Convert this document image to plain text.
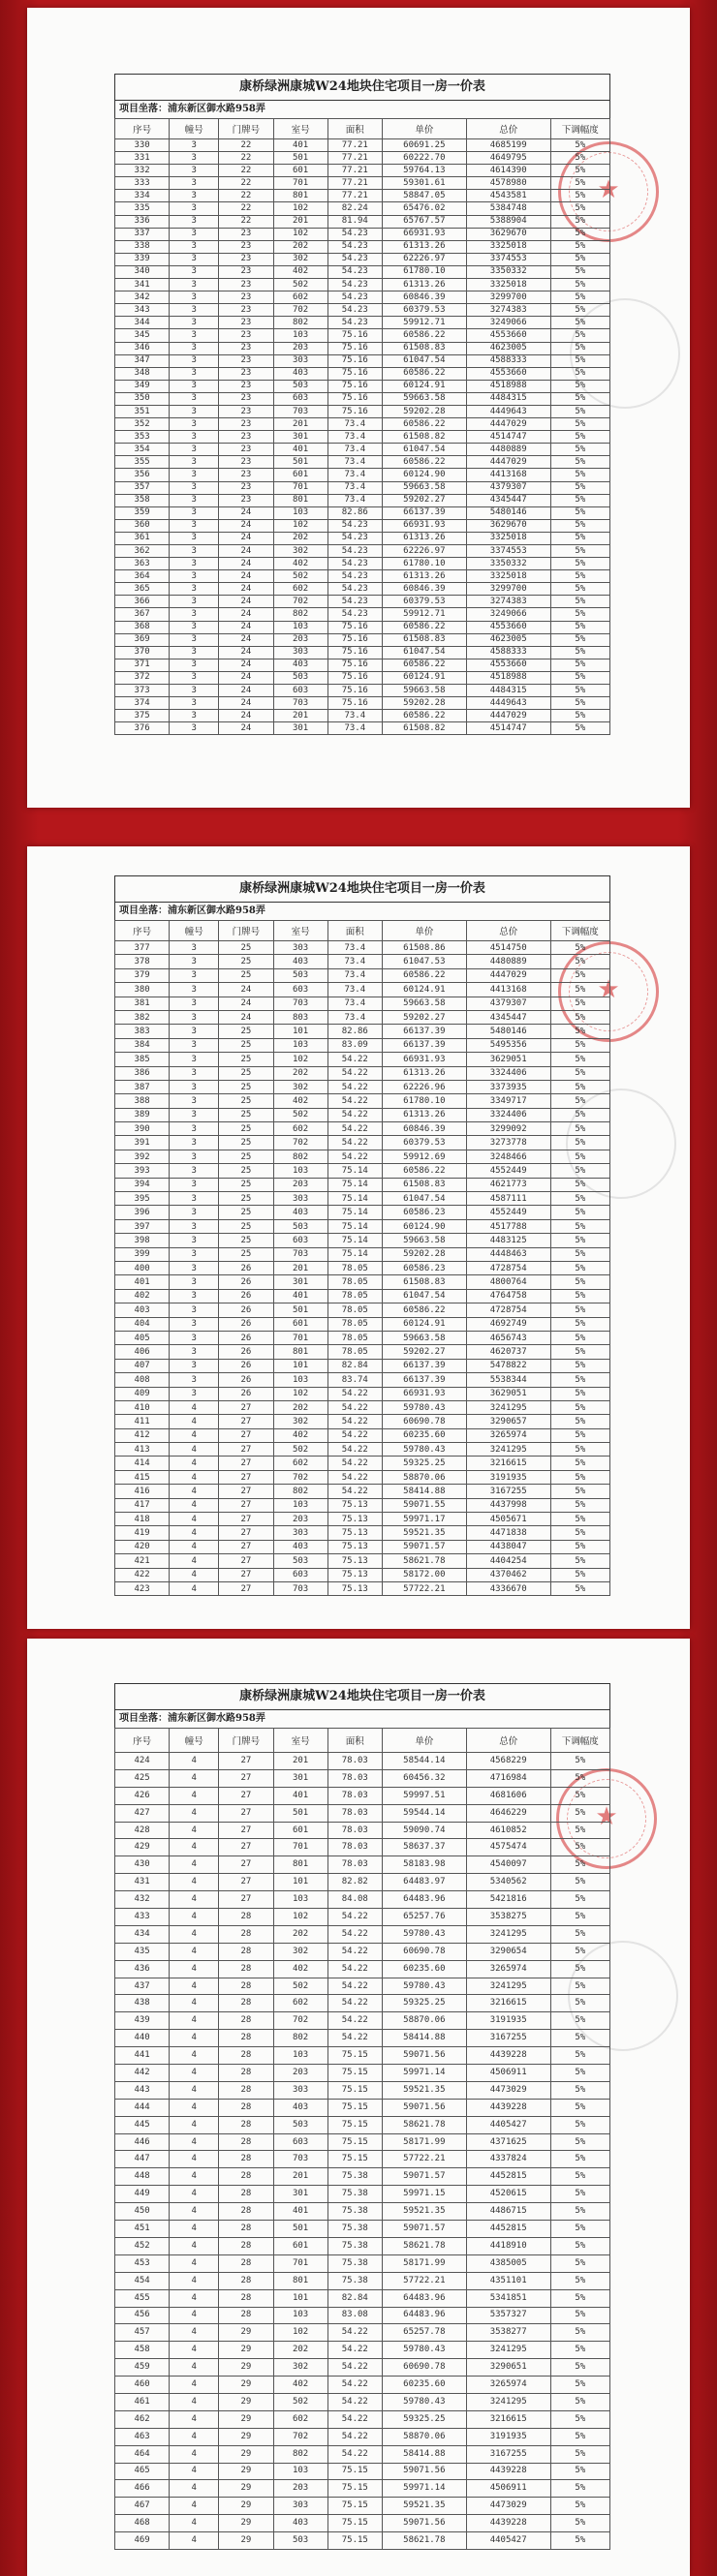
★
康桥绿洲康城W24地块住宅项目一房一价表
项目坐落：浦东新区御水路958弄
序号	幢号	门牌号	室号	面积	单价	总价	下调幅度
330	3	22	401	77.21	60691.25	4685199	5%
331	3	22	501	77.21	60222.70	4649795	5%
332	3	22	601	77.21	59764.13	4614390	5%
333	3	22	701	77.21	59301.61	4578980	5%
334	3	22	801	77.21	58847.05	4543581	5%
335	3	22	102	82.24	65476.02	5384748	5%
336	3	22	201	81.94	65767.57	5388904	5%
337	3	23	102	54.23	66931.93	3629670	5%
338	3	23	202	54.23	61313.26	3325018	5%
339	3	23	302	54.23	62226.97	3374553	5%
340	3	23	402	54.23	61780.10	3350332	5%
341	3	23	502	54.23	61313.26	3325018	5%
342	3	23	602	54.23	60846.39	3299700	5%
343	3	23	702	54.23	60379.53	3274383	5%
344	3	23	802	54.23	59912.71	3249066	5%
345	3	23	103	75.16	60586.22	4553660	5%
346	3	23	203	75.16	61508.83	4623005	5%
347	3	23	303	75.16	61047.54	4588333	5%
348	3	23	403	75.16	60586.22	4553660	5%
349	3	23	503	75.16	60124.91	4518988	5%
350	3	23	603	75.16	59663.58	4484315	5%
351	3	23	703	75.16	59202.28	4449643	5%
352	3	23	201	73.4	60586.22	4447029	5%
353	3	23	301	73.4	61508.82	4514747	5%
354	3	23	401	73.4	61047.54	4480889	5%
355	3	23	501	73.4	60586.22	4447029	5%
356	3	23	601	73.4	60124.90	4413168	5%
357	3	23	701	73.4	59663.58	4379307	5%
358	3	23	801	73.4	59202.27	4345447	5%
359	3	24	103	82.86	66137.39	5480146	5%
360	3	24	102	54.23	66931.93	3629670	5%
361	3	24	202	54.23	61313.26	3325018	5%
362	3	24	302	54.23	62226.97	3374553	5%
363	3	24	402	54.23	61780.10	3350332	5%
364	3	24	502	54.23	61313.26	3325018	5%
365	3	24	602	54.23	60846.39	3299700	5%
366	3	24	702	54.23	60379.53	3274383	5%
367	3	24	802	54.23	59912.71	3249066	5%
368	3	24	103	75.16	60586.22	4553660	5%
369	3	24	203	75.16	61508.83	4623005	5%
370	3	24	303	75.16	61047.54	4588333	5%
371	3	24	403	75.16	60586.22	4553660	5%
372	3	24	503	75.16	60124.91	4518988	5%
373	3	24	603	75.16	59663.58	4484315	5%
374	3	24	703	75.16	59202.28	4449643	5%
375	3	24	201	73.4	60586.22	4447029	5%
376	3	24	301	73.4	61508.82	4514747	5%
★
康桥绿洲康城W24地块住宅项目一房一价表
项目坐落：浦东新区御水路958弄
序号	幢号	门牌号	室号	面积	单价	总价	下调幅度
377	3	25	303	73.4	61508.86	4514750	5%
378	3	25	403	73.4	61047.53	4480889	5%
379	3	25	503	73.4	60586.22	4447029	5%
380	3	24	603	73.4	60124.91	4413168	5%
381	3	24	703	73.4	59663.58	4379307	5%
382	3	24	803	73.4	59202.27	4345447	5%
383	3	25	101	82.86	66137.39	5480146	5%
384	3	25	103	83.09	66137.39	5495356	5%
385	3	25	102	54.22	66931.93	3629051	5%
386	3	25	202	54.22	61313.26	3324406	5%
387	3	25	302	54.22	62226.96	3373935	5%
388	3	25	402	54.22	61780.10	3349717	5%
389	3	25	502	54.22	61313.26	3324406	5%
390	3	25	602	54.22	60846.39	3299092	5%
391	3	25	702	54.22	60379.53	3273778	5%
392	3	25	802	54.22	59912.69	3248466	5%
393	3	25	103	75.14	60586.22	4552449	5%
394	3	25	203	75.14	61508.83	4621773	5%
395	3	25	303	75.14	61047.54	4587111	5%
396	3	25	403	75.14	60586.23	4552449	5%
397	3	25	503	75.14	60124.90	4517788	5%
398	3	25	603	75.14	59663.58	4483125	5%
399	3	25	703	75.14	59202.28	4448463	5%
400	3	26	201	78.05	60586.23	4728754	5%
401	3	26	301	78.05	61508.83	4800764	5%
402	3	26	401	78.05	61047.54	4764758	5%
403	3	26	501	78.05	60586.22	4728754	5%
404	3	26	601	78.05	60124.91	4692749	5%
405	3	26	701	78.05	59663.58	4656743	5%
406	3	26	801	78.05	59202.27	4620737	5%
407	3	26	101	82.84	66137.39	5478822	5%
408	3	26	103	83.74	66137.39	5538344	5%
409	3	26	102	54.22	66931.93	3629051	5%
410	4	27	202	54.22	59780.43	3241295	5%
411	4	27	302	54.22	60690.78	3290657	5%
412	4	27	402	54.22	60235.60	3265974	5%
413	4	27	502	54.22	59780.43	3241295	5%
414	4	27	602	54.22	59325.25	3216615	5%
415	4	27	702	54.22	58870.06	3191935	5%
416	4	27	802	54.22	58414.88	3167255	5%
417	4	27	103	75.13	59071.55	4437998	5%
418	4	27	203	75.13	59971.17	4505671	5%
419	4	27	303	75.13	59521.35	4471838	5%
420	4	27	403	75.13	59071.57	4438047	5%
421	4	27	503	75.13	58621.78	4404254	5%
422	4	27	603	75.13	58172.00	4370462	5%
423	4	27	703	75.13	57722.21	4336670	5%
★
康桥绿洲康城W24地块住宅项目一房一价表
项目坐落：浦东新区御水路958弄
序号	幢号	门牌号	室号	面积	单价	总价	下调幅度
424	4	27	201	78.03	58544.14	4568229	5%
425	4	27	301	78.03	60456.32	4716984	5%
426	4	27	401	78.03	59997.51	4681606	5%
427	4	27	501	78.03	59544.14	4646229	5%
428	4	27	601	78.03	59090.74	4610852	5%
429	4	27	701	78.03	58637.37	4575474	5%
430	4	27	801	78.03	58183.98	4540097	5%
431	4	27	101	82.82	64483.97	5340562	5%
432	4	27	103	84.08	64483.96	5421816	5%
433	4	28	102	54.22	65257.76	3538275	5%
434	4	28	202	54.22	59780.43	3241295	5%
435	4	28	302	54.22	60690.78	3290654	5%
436	4	28	402	54.22	60235.60	3265974	5%
437	4	28	502	54.22	59780.43	3241295	5%
438	4	28	602	54.22	59325.25	3216615	5%
439	4	28	702	54.22	58870.06	3191935	5%
440	4	28	802	54.22	58414.88	3167255	5%
441	4	28	103	75.15	59071.56	4439228	5%
442	4	28	203	75.15	59971.14	4506911	5%
443	4	28	303	75.15	59521.35	4473029	5%
444	4	28	403	75.15	59071.56	4439228	5%
445	4	28	503	75.15	58621.78	4405427	5%
446	4	28	603	75.15	58171.99	4371625	5%
447	4	28	703	75.15	57722.21	4337824	5%
448	4	28	201	75.38	59071.57	4452815	5%
449	4	28	301	75.38	59971.15	4520615	5%
450	4	28	401	75.38	59521.35	4486715	5%
451	4	28	501	75.38	59071.57	4452815	5%
452	4	28	601	75.38	58621.78	4418910	5%
453	4	28	701	75.38	58171.99	4385005	5%
454	4	28	801	75.38	57722.21	4351101	5%
455	4	28	101	82.84	64483.96	5341851	5%
456	4	28	103	83.08	64483.96	5357327	5%
457	4	29	102	54.22	65257.78	3538277	5%
458	4	29	202	54.22	59780.43	3241295	5%
459	4	29	302	54.22	60690.78	3290651	5%
460	4	29	402	54.22	60235.60	3265974	5%
461	4	29	502	54.22	59780.43	3241295	5%
462	4	29	602	54.22	59325.25	3216615	5%
463	4	29	702	54.22	58870.06	3191935	5%
464	4	29	802	54.22	58414.88	3167255	5%
465	4	29	103	75.15	59071.56	4439228	5%
466	4	29	203	75.15	59971.14	4506911	5%
467	4	29	303	75.15	59521.35	4473029	5%
468	4	29	403	75.15	59071.56	4439228	5%
469	4	29	503	75.15	58621.78	4405427	5%
